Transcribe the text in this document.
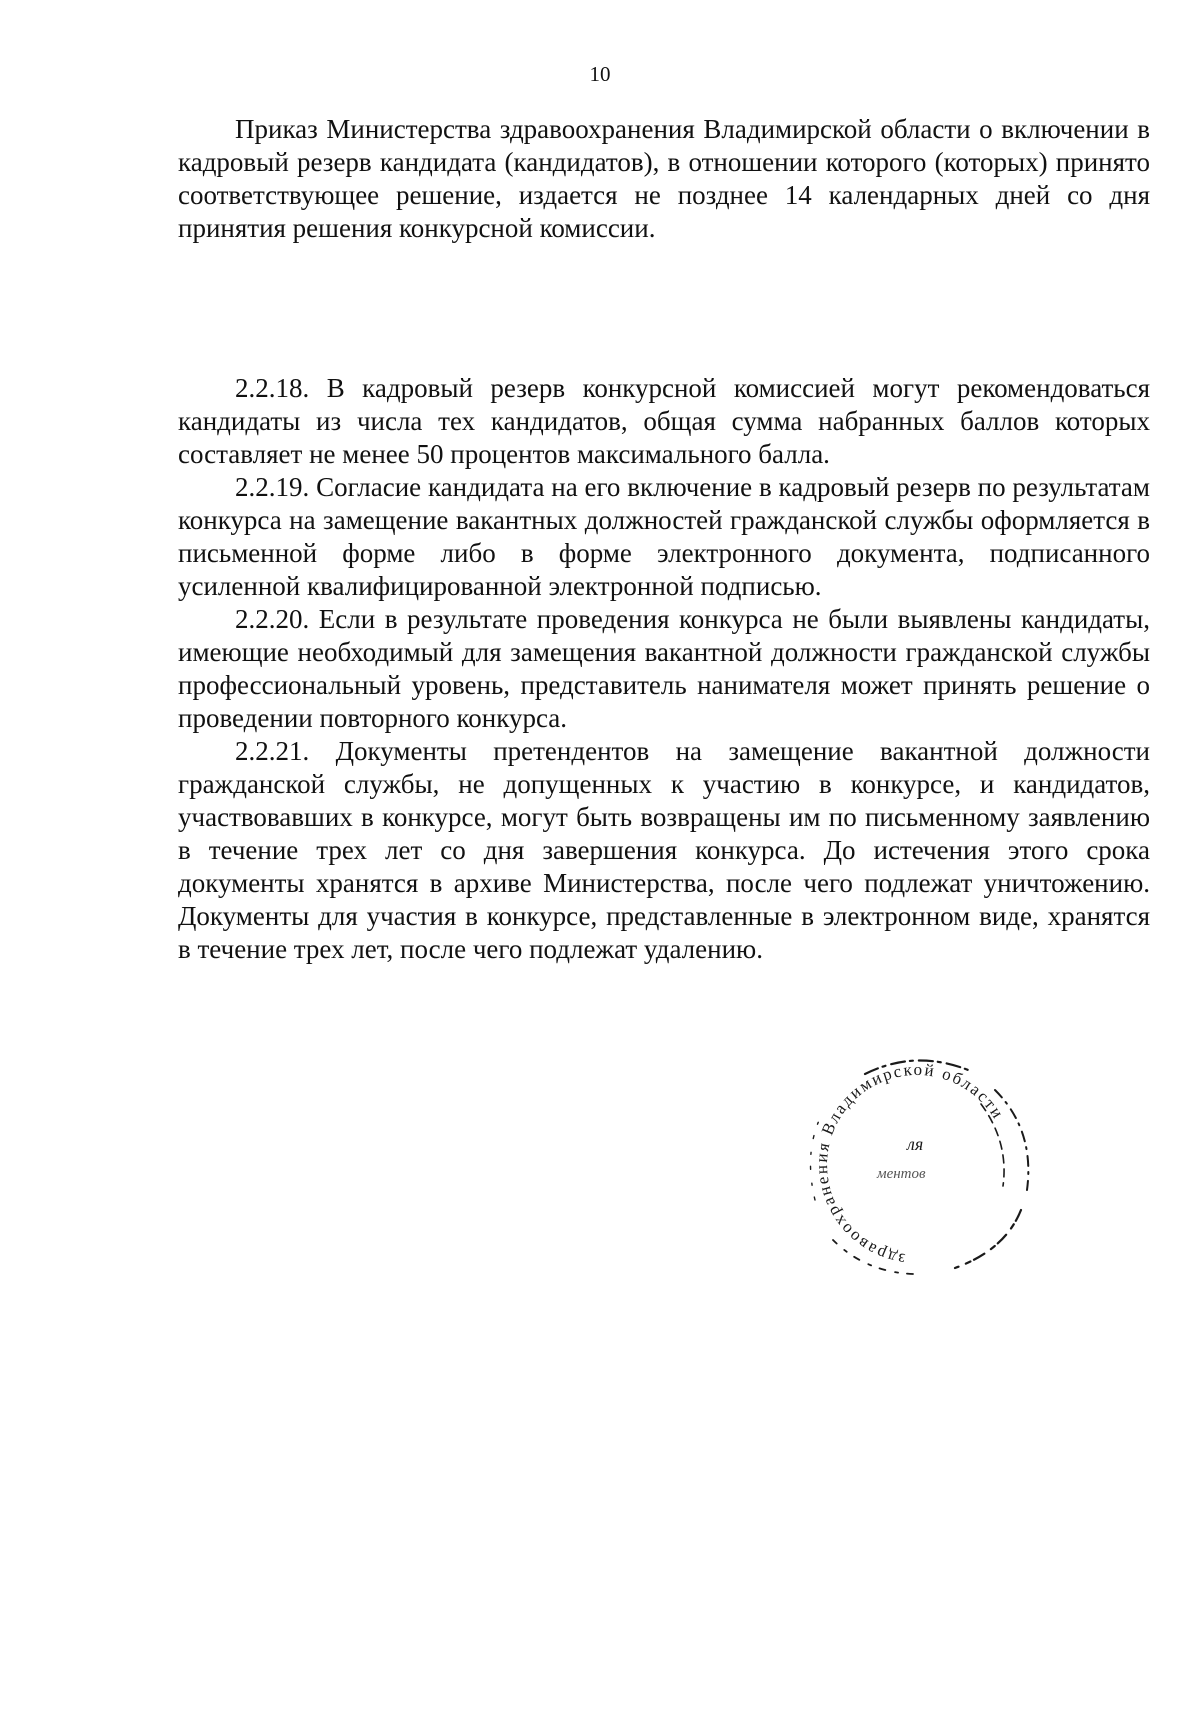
10

Приказ Министерства здравоохранения Владимирской области о включении в кадровый резерв кандидата (кандидатов), в отношении которого (которых) принято соответствующее решение, издается не позднее 14 календарных дней со дня принятия решения конкурсной комиссии.

2.2.18. В кадровый резерв конкурсной комиссией могут рекомендоваться кандидаты из числа тех кандидатов, общая сумма набранных баллов которых составляет не менее 50 процентов максимального балла.

2.2.19. Согласие кандидата на его включение в кадровый резерв по результатам конкурса на замещение вакантных должностей гражданской службы оформляется в письменной форме либо в форме электронного документа, подписанного усиленной квалифицированной электронной подписью.

2.2.20. Если в результате проведения конкурса не были выявлены кандидаты, имеющие необходимый для замещения вакантной должности гражданской службы профессиональный уровень, представитель нанимателя может принять решение о проведении повторного конкурса.

2.2.21. Документы претендентов на замещение вакантной должности гражданской службы, не допущенных к участию в конкурсе, и кандидатов, участвовавших в конкурсе, могут быть возвращены им по письменному заявлению в течение трех лет со дня завершения конкурса. До истечения этого срока документы хранятся в архиве Министерства, после чего подлежат уничтожению. Документы для участия в конкурсе, представленные в электронном виде, хранятся в течение трех лет, после чего подлежат удалению.

здравоохранения Владимирской области
ля
ментов
